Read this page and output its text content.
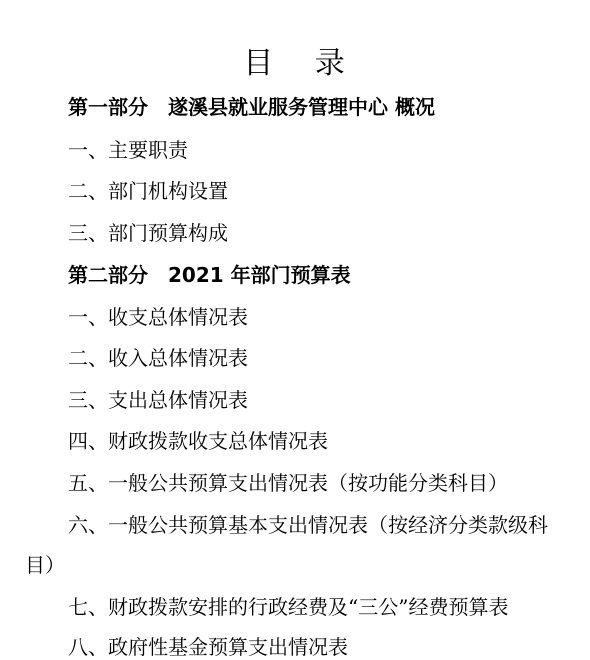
目 录
第一部分　遂溪县就业服务管理中心 概况
一、主要职责
二、部门机构设置
三、部门预算构成
第二部分　2021 年部门预算表
一、收支总体情况表
二、收入总体情况表
三、支出总体情况表
四、财政拨款收支总体情况表
五、一般公共预算支出情况表（按功能分类科目）
六、一般公共预算基本支出情况表（按经济分类款级科
目）
七、财政拨款安排的行政经费及“三公”经费预算表
八、政府性基金预算支出情况表
